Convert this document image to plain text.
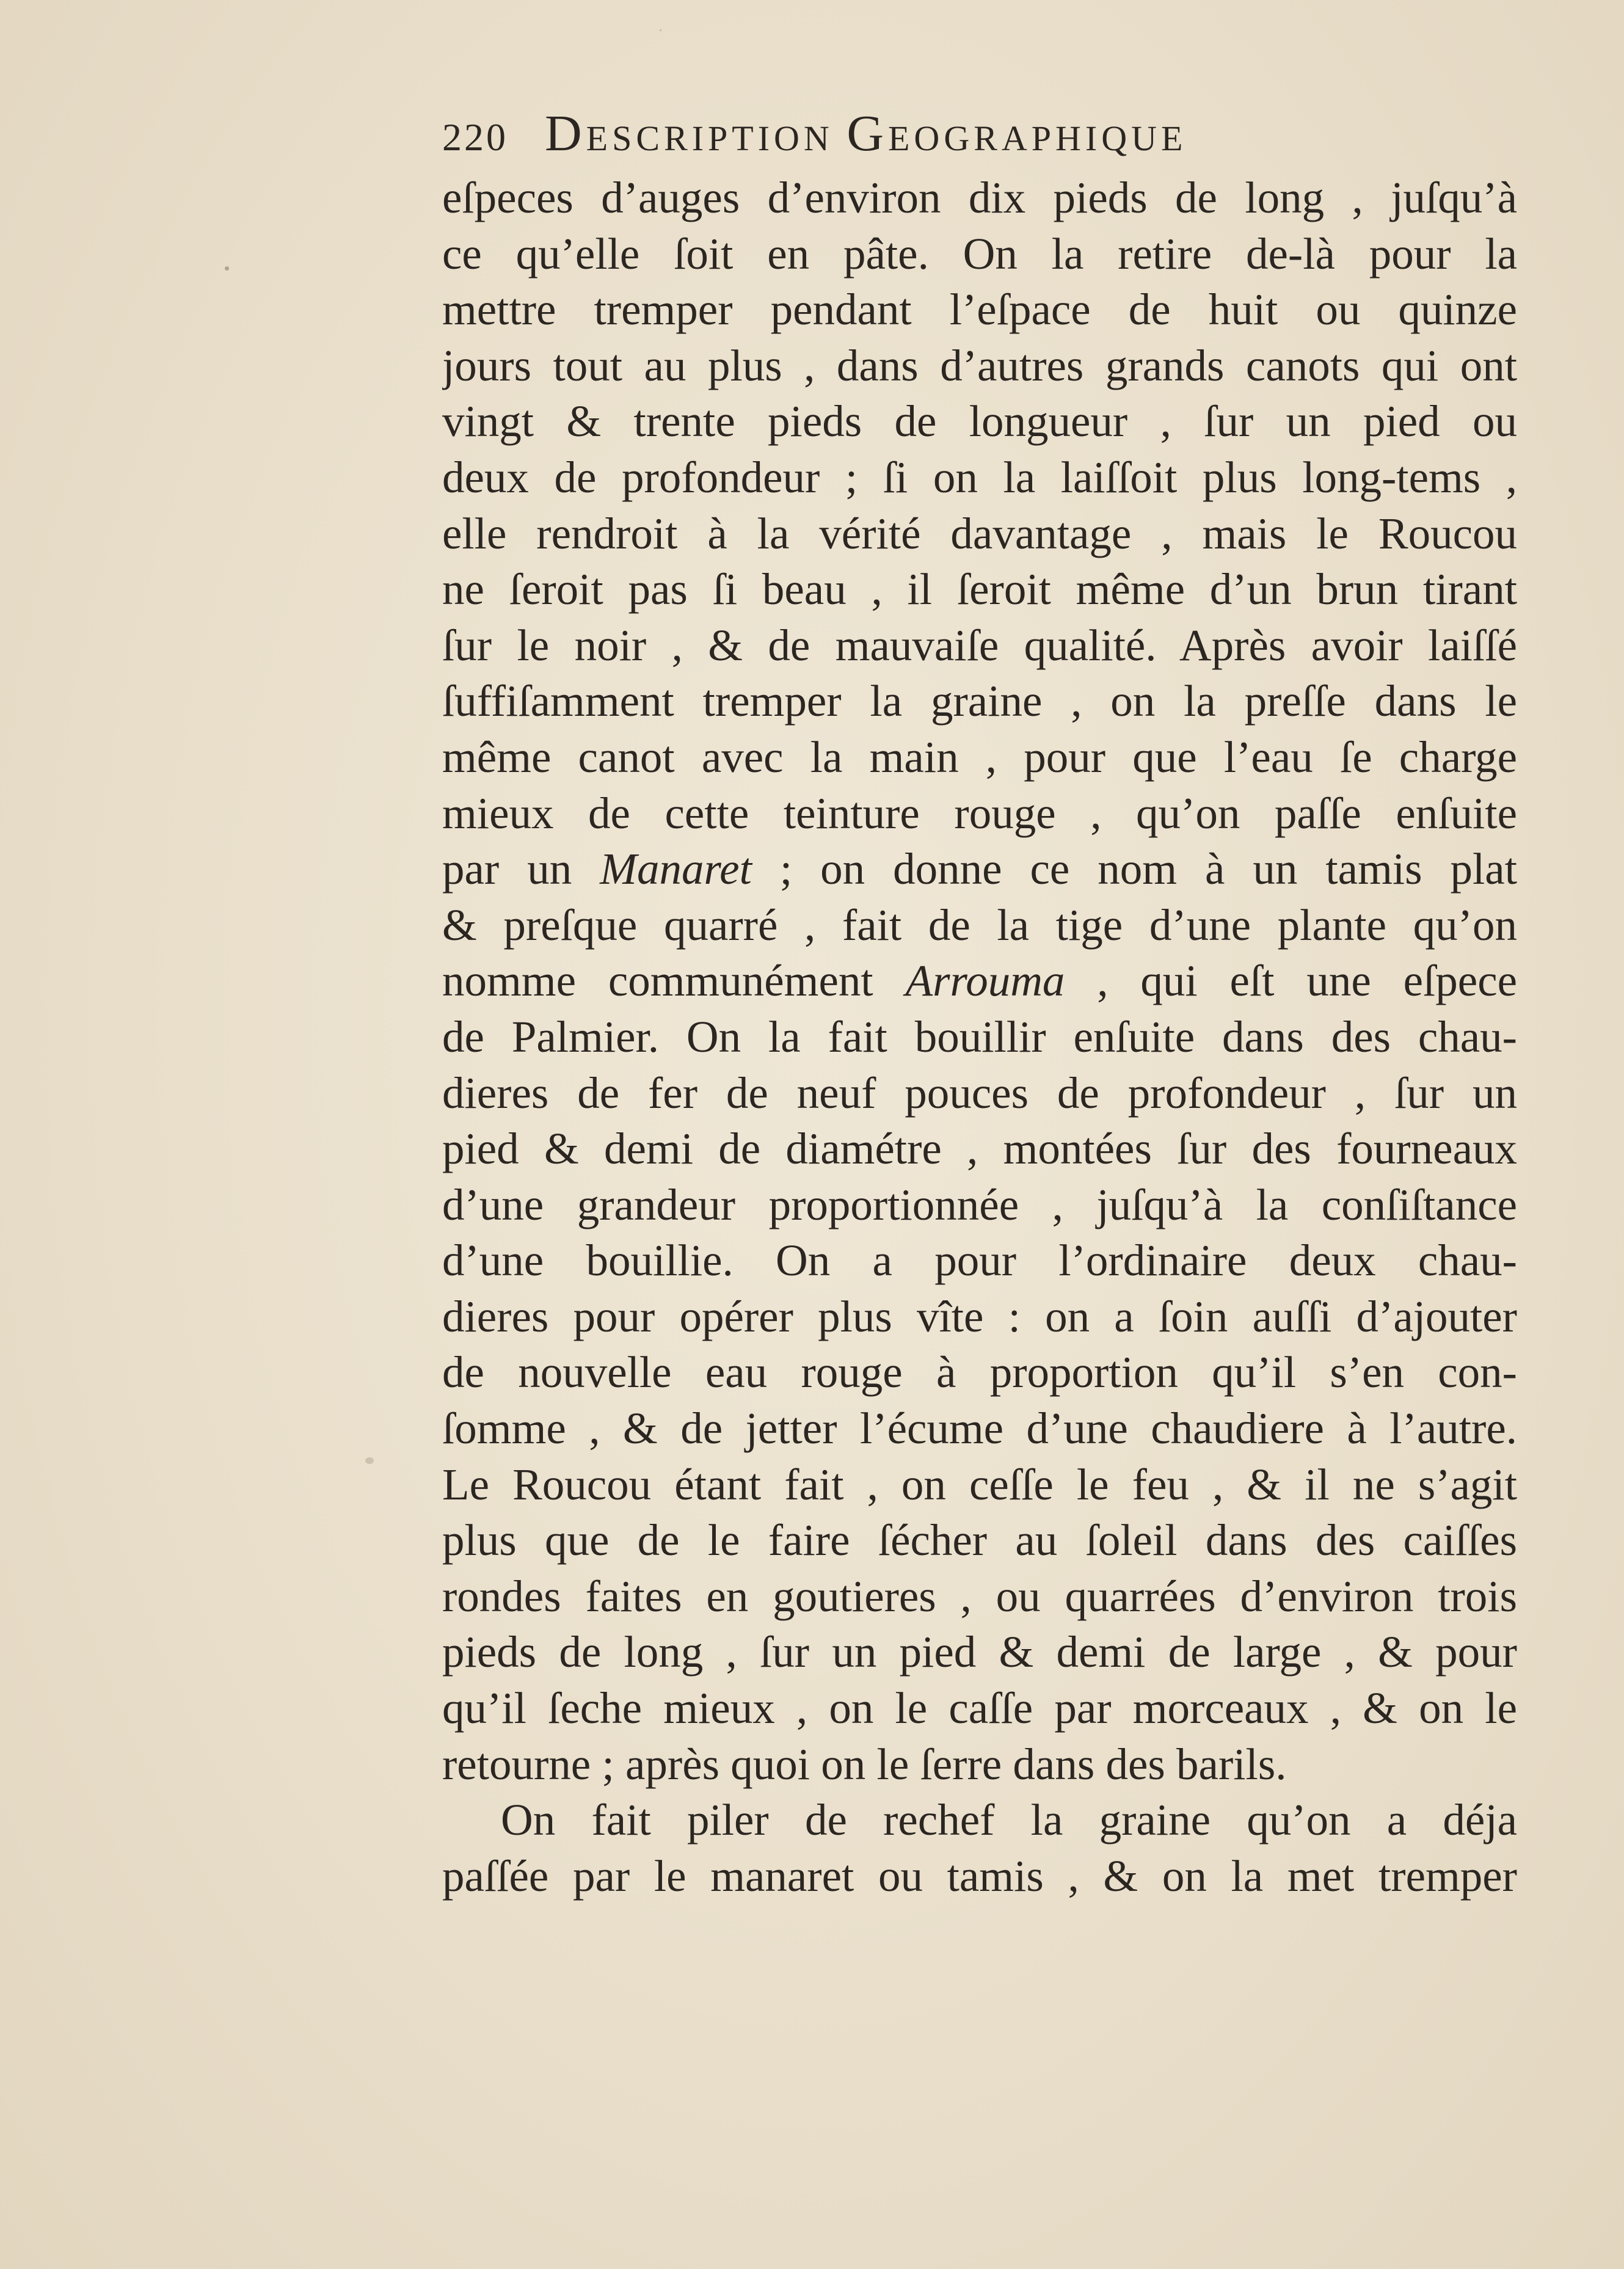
220 DESCRIPTION GEOGRAPHIQUE
eſpeces d’auges d’environ dix pieds de long , juſqu’à
ce qu’elle ſoit en pâte. On la retire de-là pour la
mettre tremper pendant l’eſpace de huit ou quinze
jours tout au plus , dans d’autres grands canots qui ont
vingt & trente pieds de longueur , ſur un pied ou
deux de profondeur ; ſi on la laiſſoit plus long-tems ,
elle rendroit à la vérité davantage , mais le Roucou
ne ſeroit pas ſi beau , il ſeroit même d’un brun tirant
ſur le noir , & de mauvaiſe qualité. Après avoir laiſſé
ſuffiſamment tremper la graine , on la preſſe dans le
même canot avec la main , pour que l’eau ſe charge
mieux de cette teinture rouge , qu’on paſſe enſuite
par un Manaret ; on donne ce nom à un tamis plat
& preſque quarré , fait de la tige d’une plante qu’on
nomme communément Arrouma , qui eſt une eſpece
de Palmier. On la fait bouillir enſuite dans des chau-
dieres de fer de neuf pouces de profondeur , ſur un
pied & demi de diamétre , montées ſur des fourneaux
d’une grandeur proportionnée , juſqu’à la conſiſtance
d’une bouillie. On a pour l’ordinaire deux chau-
dieres pour opérer plus vîte : on a ſoin auſſi d’ajouter
de nouvelle eau rouge à proportion qu’il s’en con-
ſomme , & de jetter l’écume d’une chaudiere à l’autre.
Le Roucou étant fait , on ceſſe le feu , & il ne s’agit
plus que de le faire ſécher au ſoleil dans des caiſſes
rondes faites en goutieres , ou quarrées d’environ trois
pieds de long , ſur un pied & demi de large , & pour
qu’il ſeche mieux , on le caſſe par morceaux , & on le
retourne ; après quoi on le ſerre dans des barils.
On fait piler de rechef la graine qu’on a déja
paſſée par le manaret ou tamis , & on la met tremper
